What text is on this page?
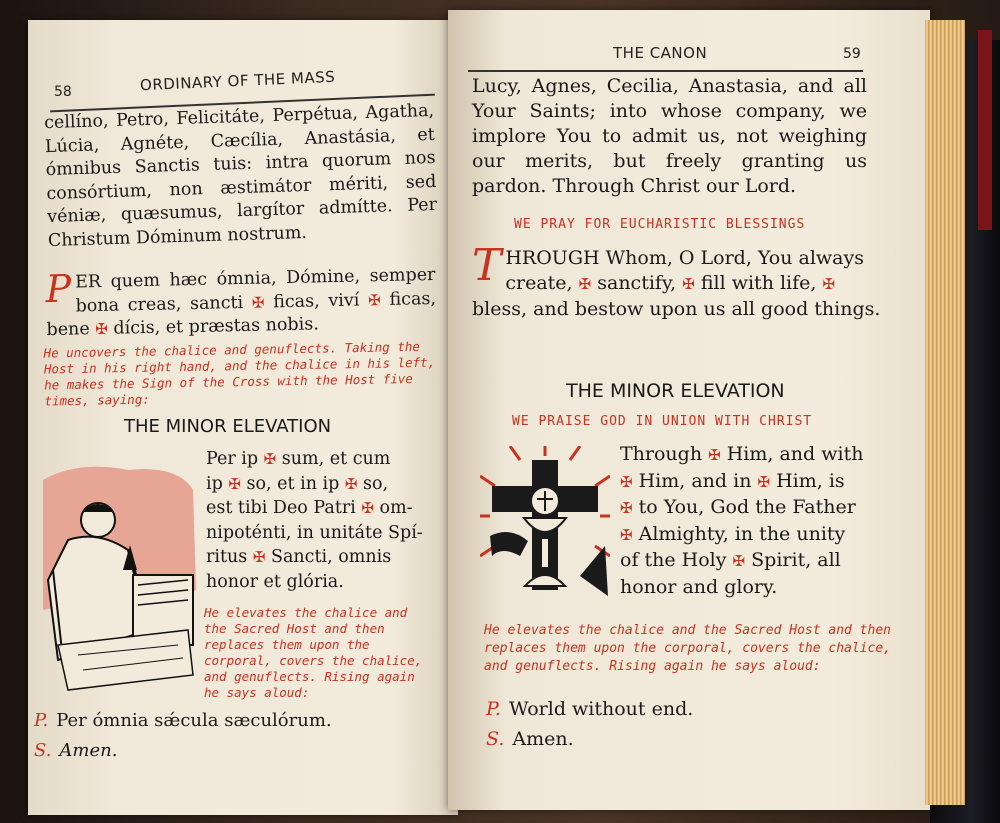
58	ORDINARY OF THE MASS
cellíno, Petro, Felicitáte, Perpétua, Agatha, Lúcia, Agnéte, Cæcília, Anastásia, et ómnibus Sanctis tuis: intra quorum nos consórtium, non æstimátor mériti, sed véniæ, quæsumus, largítor admítte. Per Christum Dóminum nostrum.
P ER quem hæc ómnia, Dómine, semper bona creas, sancti ✠ ficas, viví ✠ ficas, bene ✠ dícis, et præstas nobis.
He uncovers the chalice and genuflects. Taking the Host in his right hand, and the chalice in his left, he makes the Sign of the Cross with the Host five times, saying:
THE MINOR ELEVATION
Per ip ✠ sum, et cum
ip ✠ so, et in ip ✠ so,
est tibi Deo Patri ✠ om-
nipoténti, in unitáte Spí-
ritus ✠ Sancti, omnis
honor et glória.
He elevates the chalice and the Sacred Host and then replaces them upon the corporal, covers the chalice, and genuflects. Rising again he says aloud:
P. Per ómnia sǽcula sæculórum.
S. Amen.
THE CANON	59
Lucy, Agnes, Cecilia, Anastasia, and all Your Saints; into whose company, we implore You to admit us, not weighing our merits, but freely granting us pardon. Through Christ our Lord.
WE PRAY FOR EUCHARISTIC BLESSINGS
T HROUGH Whom, O Lord, You always create, ✠ sanctify, ✠ fill with life, ✠ bless, and bestow upon us all good things.
THE MINOR ELEVATION
WE PRAISE GOD IN UNION WITH CHRIST
Through ✠ Him, and with
✠ Him, and in ✠ Him, is
✠ to You, God the Father
✠ Almighty, in the unity
of the Holy ✠ Spirit, all
honor and glory.
He elevates the chalice and the Sacred Host and then replaces them upon the corporal, covers the chalice, and genuflects. Rising again he says aloud:
P. World without end.
S. Amen.
